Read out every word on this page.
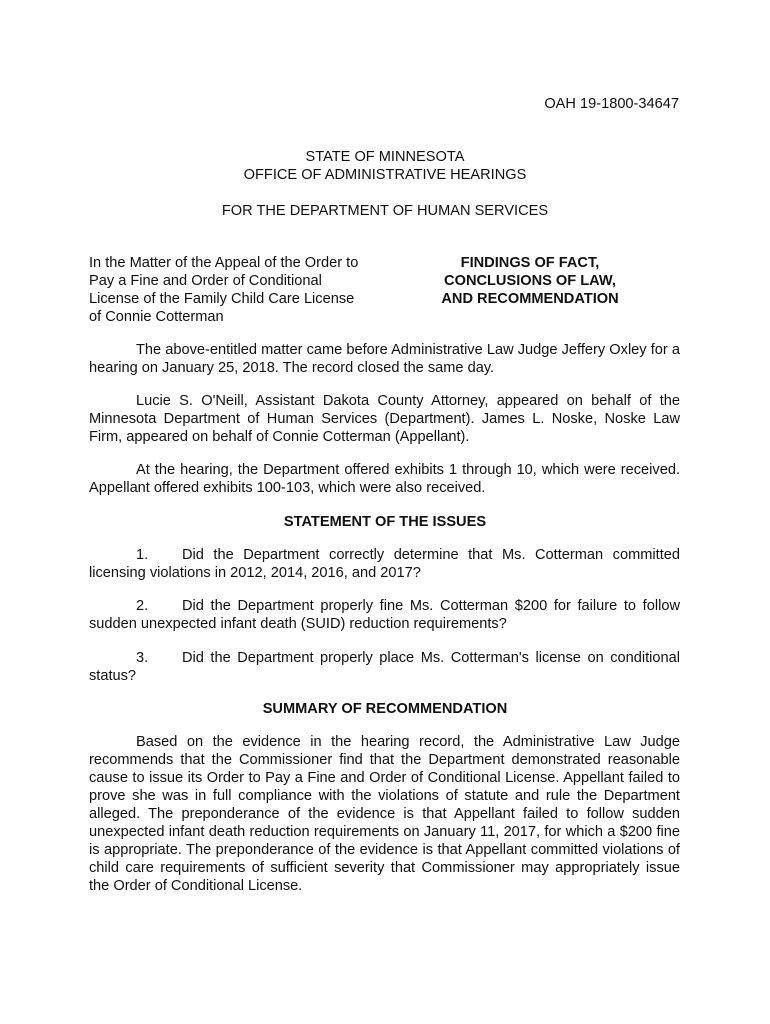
OAH 19-1800-34647
STATE OF MINNESOTA
OFFICE OF ADMINISTRATIVE HEARINGS
FOR THE DEPARTMENT OF HUMAN SERVICES
In the Matter of the Appeal of the Order to
Pay a Fine and Order of Conditional
License of the Family Child Care License
of Connie Cotterman
FINDINGS OF FACT,
CONCLUSIONS OF LAW,
AND RECOMMENDATION

The above-entitled matter came before Administrative Law Judge Jeffery Oxley for a hearing on January 25, 2018. The record closed the same day.

Lucie S. O'Neill, Assistant Dakota County Attorney, appeared on behalf of the Minnesota Department of Human Services (Department). James L. Noske, Noske Law Firm, appeared on behalf of Connie Cotterman (Appellant).

At the hearing, the Department offered exhibits 1 through 10, which were received. Appellant offered exhibits 100-103, which were also received.

STATEMENT OF THE ISSUES

1. Did the Department correctly determine that Ms. Cotterman committed licensing violations in 2012, 2014, 2016, and 2017?

2. Did the Department properly fine Ms. Cotterman $200 for failure to follow sudden unexpected infant death (SUID) reduction requirements?

3. Did the Department properly place Ms. Cotterman's license on conditional status?

SUMMARY OF RECOMMENDATION

Based on the evidence in the hearing record, the Administrative Law Judge recommends that the Commissioner find that the Department demonstrated reasonable cause to issue its Order to Pay a Fine and Order of Conditional License. Appellant failed to prove she was in full compliance with the violations of statute and rule the Department alleged. The preponderance of the evidence is that Appellant failed to follow sudden unexpected infant death reduction requirements on January 11, 2017, for which a $200 fine is appropriate. The preponderance of the evidence is that Appellant committed violations of child care requirements of sufficient severity that Commissioner may appropriately issue the Order of Conditional License.
